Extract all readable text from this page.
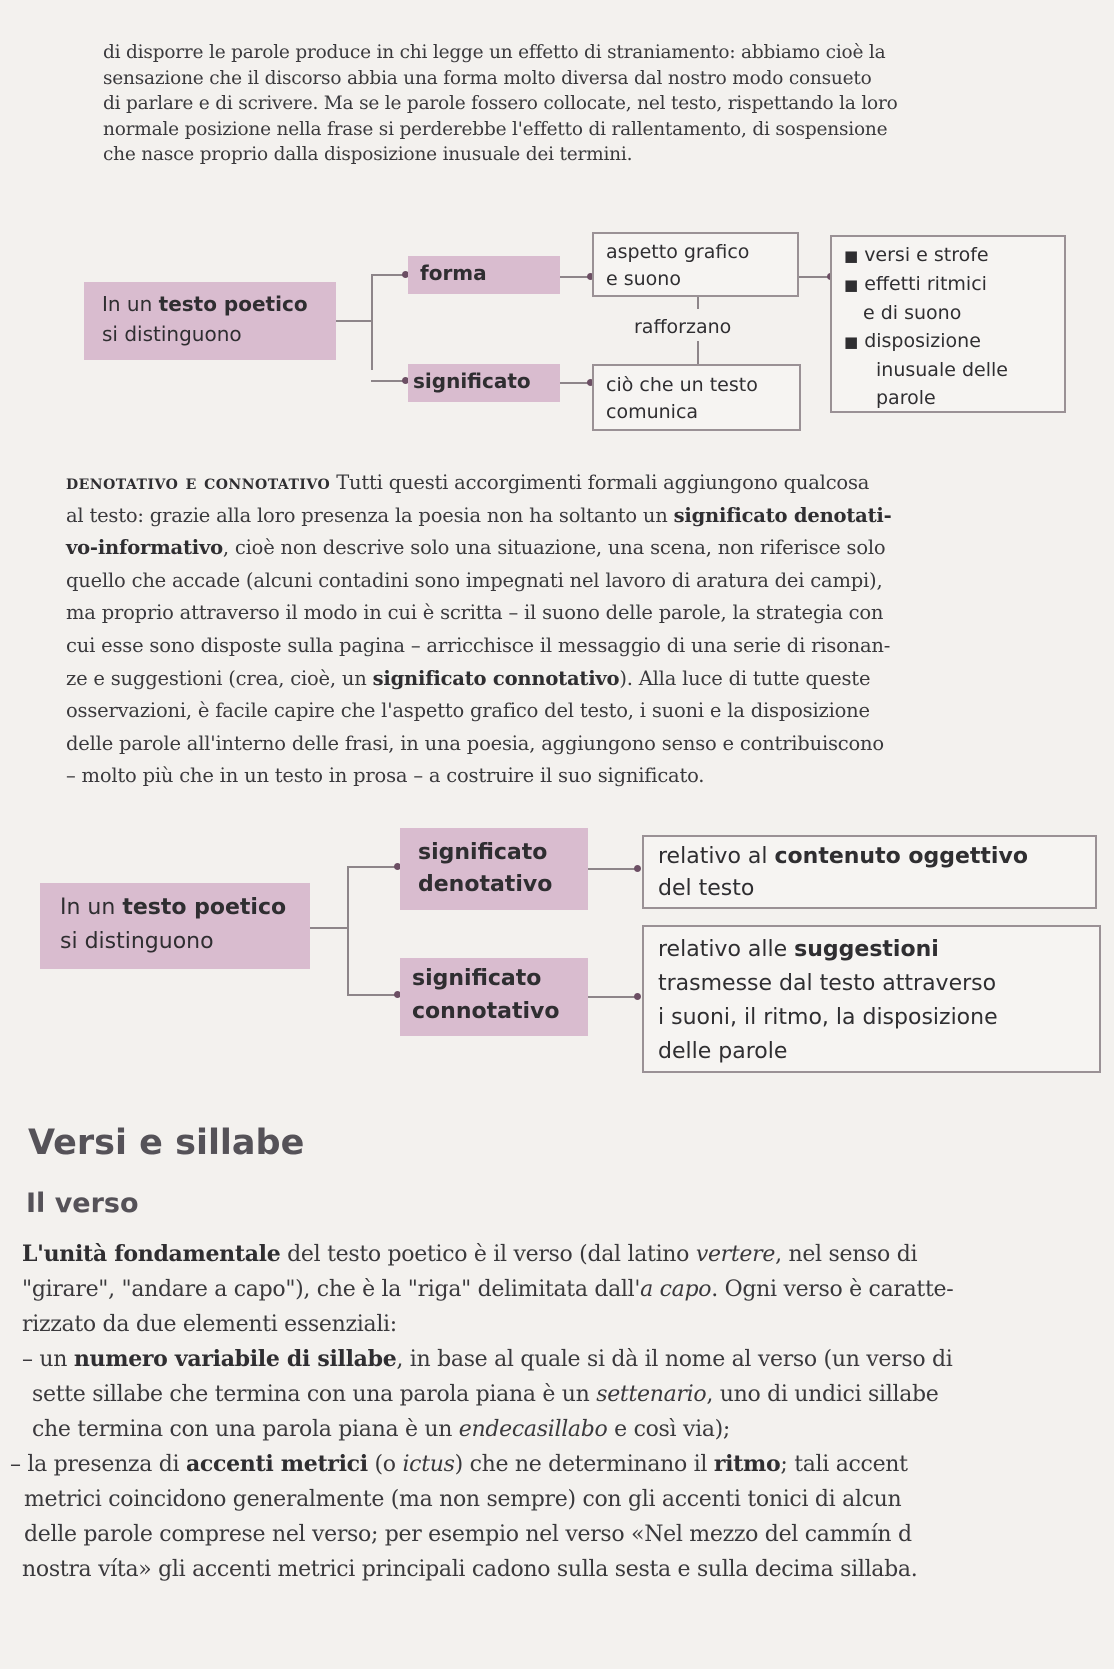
di disporre le parole produce in chi legge un effetto di straniamento: abbiamo cioè la
sensazione che il discorso abbia una forma molto diversa dal nostro modo consueto
di parlare e di scrivere. Ma se le parole fossero collocate, nel testo, rispettando la loro
normale posizione nella frase si perderebbe l'effetto di rallentamento, di sospensione
che nasce proprio dalla disposizione inusuale dei termini.

In un testo poetico
si distinguono
forma
significato
aspetto grafico
e suono
ciò che un testo
comunica
rafforzano
■ versi e strofe
■ effetti ritmici
e di suono
■ disposizione
inusuale delle
parole

denotativo e connotativo Tutti questi accorgimenti formali aggiungono qualcosa
al testo: grazie alla loro presenza la poesia non ha soltanto un significato denotati-
vo-informativo, cioè non descrive solo una situazione, una scena, non riferisce solo
quello che accade (alcuni contadini sono impegnati nel lavoro di aratura dei campi),
ma proprio attraverso il modo in cui è scritta – il suono delle parole, la strategia con
cui esse sono disposte sulla pagina – arricchisce il messaggio di una serie di risonan-
ze e suggestioni (crea, cioè, un significato connotativo). Alla luce di tutte queste
osservazioni, è facile capire che l'aspetto grafico del testo, i suoni e la disposizione
delle parole all'interno delle frasi, in una poesia, aggiungono senso e contribuiscono
– molto più che in un testo in prosa – a costruire il suo significato.

In un testo poetico
si distinguono
significato
denotativo
significato
connotativo
relativo al contenuto oggettivo
del testo
relativo alle suggestioni
trasmesse dal testo attraverso
i suoni, il ritmo, la disposizione
delle parole
Versi e sillabe
Il verso

L'unità fondamentale del testo poetico è il verso (dal latino vertere, nel senso di
"girare", "andare a capo"), che è la "riga" delimitata dall'a capo. Ogni verso è caratte-
rizzato da due elementi essenziali:
– un numero variabile di sillabe, in base al quale si dà il nome al verso (un verso di
sette sillabe che termina con una parola piana è un settenario, uno di undici sillabe
che termina con una parola piana è un endecasillabo e così via);
– la presenza di accenti metrici (o ictus) che ne determinano il ritmo; tali accent
metrici coincidono generalmente (ma non sempre) con gli accenti tonici di alcun
delle parole comprese nel verso; per esempio nel verso «Nel mezzo del cammín d
nostra víta» gli accenti metrici principali cadono sulla sesta e sulla decima sillaba.
